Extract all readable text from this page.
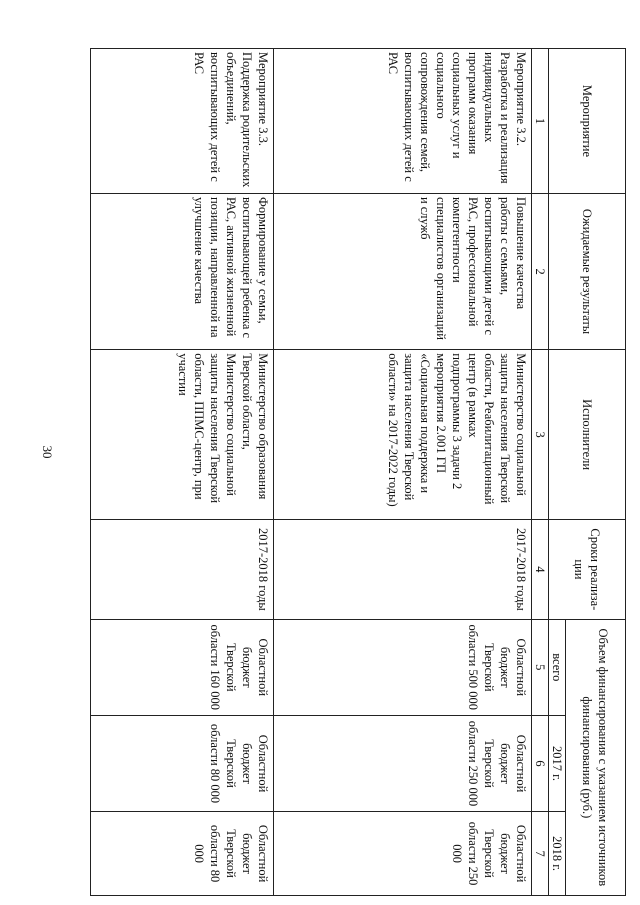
30
Мероприятие	Ожидаемые результаты	Исполнители	Сроки реализа-ции	Объем финансирования с указанием источников финансирования (руб.)		
				всего	2017 г.	2018 г.
1	2	3	4	5	6	7
Мероприятие 3.2. Разработка и реализация индивидуальных программ оказания социальных услуг и социального сопровождения семей, воспитывающих детей с РАС	Повышение качества работы с семьями, воспитывающими детей с РАС, профессиональной компетентности специалистов организаций и служб	Министерство социальной защиты населения Тверской области, Реабилитационный центр (в рамках подпрограммы 3 задачи 2 мероприятия 2.001 ГП «Социальная поддержка и защита населения Тверской области» на 2017-2022 годы)	2017-2018 годы	Областной бюджет Тверской области 500 000	Областной бюджет Тверской области 250 000	Областной бюджет Тверской области 250 000
Мероприятие 3.3. Поддержка родительских объединений, воспитывающих детей с РАС	Формирование у семьи, воспитывающей ребенка с РАС, активной жизненной позиции, направленной на улучшение качества	Министерство образования Тверской области, Министерство социальной защиты населения Тверской области, ППМС-центр, при участии	2017-2018 годы	Областной бюджет Тверской области 160 000	Областной бюджет Тверской области 80 000	Областной бюджет Тверской области 80 000
